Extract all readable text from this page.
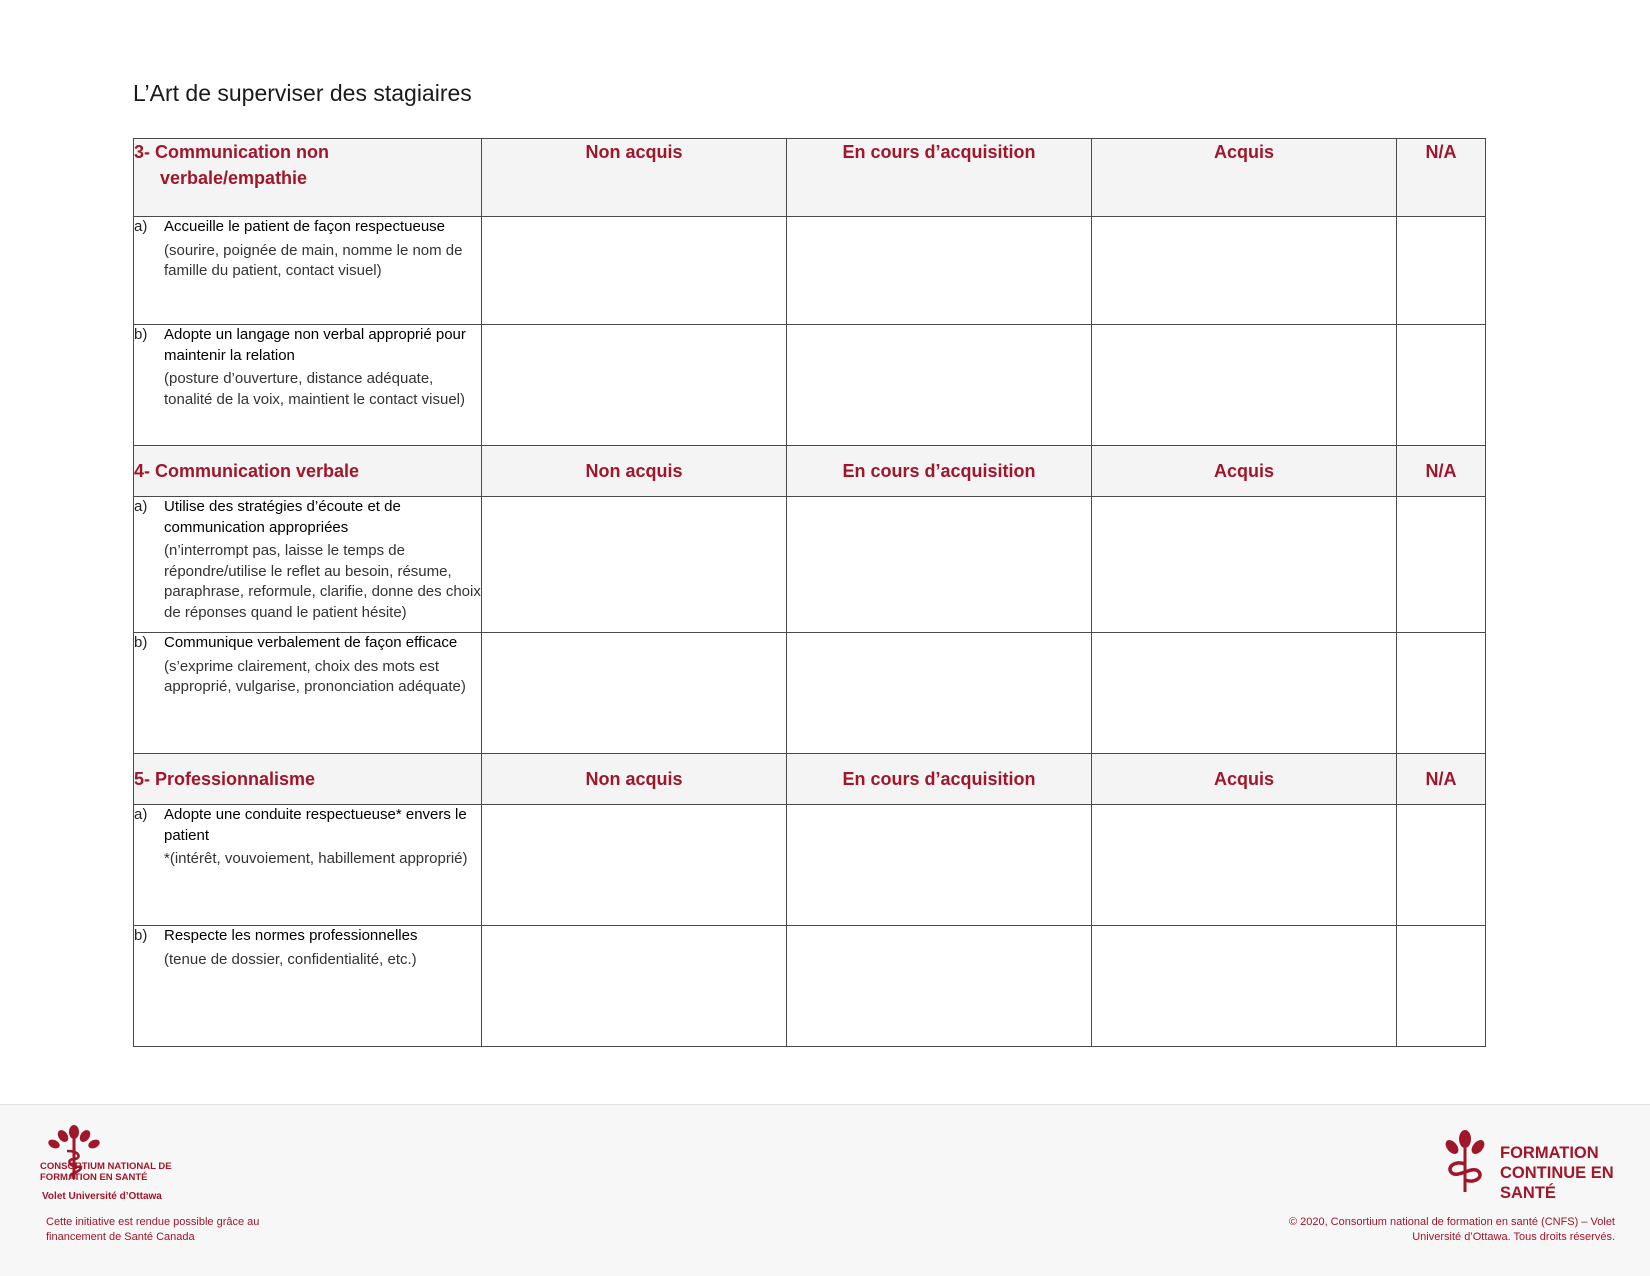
L’Art de superviser des stagiaires
3- Communication non verbale/empathie	Non acquis	En cours d’acquisition	Acquis	N/A

a) Accueille le patient de façon respectueuse
(sourire, poignée de main, nomme le nom de famille du patient, contact visuel)				

b) Adopte un langage non verbal approprié pour maintenir la relation
(posture d’ouverture, distance adéquate, tonalité de la voix, maintient le contact visuel)				

4- Communication verbale	Non acquis	En cours d’acquisition	Acquis	N/A

a) Utilise des stratégies d’écoute et de communication appropriées
(n’interrompt pas, laisse le temps de répondre/utilise le reflet au besoin, résume, paraphrase, reformule, clarifie, donne des choix de réponses quand le patient hésite)				

b) Communique verbalement de façon efficace
(s’exprime clairement, choix des mots est approprié, vulgarise, prononciation adéquate)				

5- Professionnalisme	Non acquis	En cours d’acquisition	Acquis	N/A

a) Adopte une conduite respectueuse* envers le patient
*(intérêt, vouvoiement, habillement approprié)				

b) Respecte les normes professionnelles
(tenue de dossier, confidentialité, etc.)				

CONSORTIUM NATIONAL DE FORMATION EN SANTÉ
Volet Université d’Ottawa
Cette initiative est rendue possible grâce au financement de Santé Canada
FORMATION CONTINUE EN SANTÉ
© 2020, Consortium national de formation en santé (CNFS) – Volet Université d’Ottawa. Tous droits réservés.
